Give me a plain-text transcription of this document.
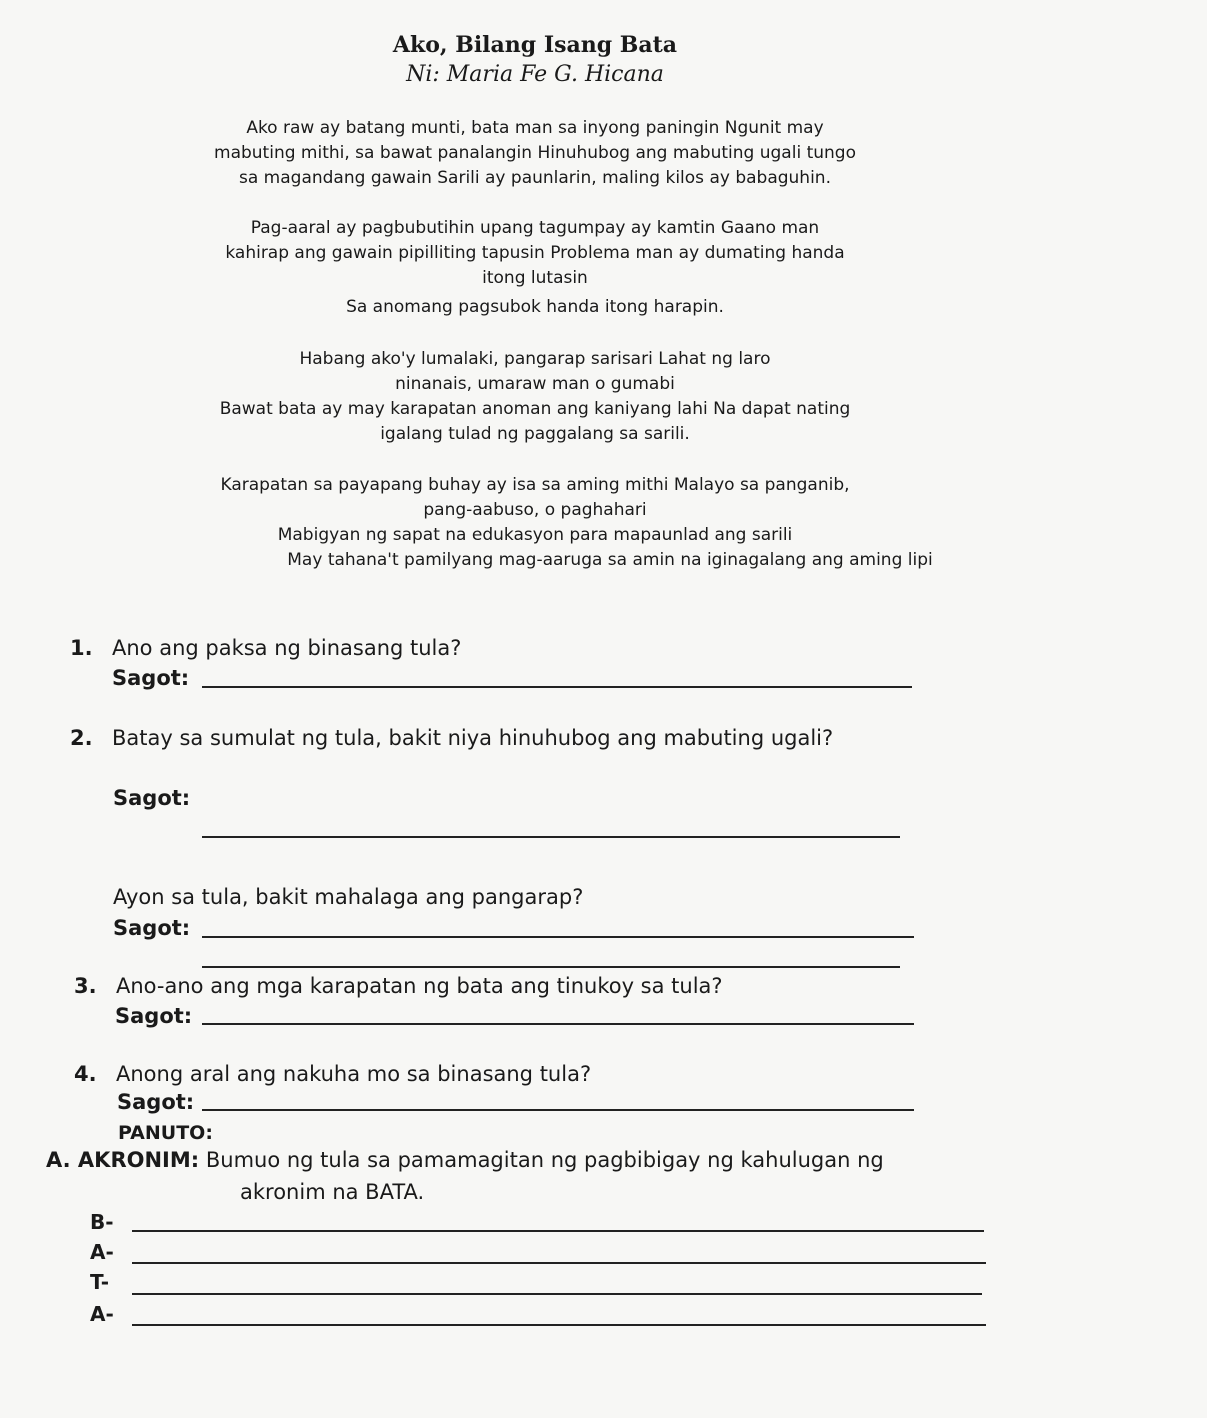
Ako, Bilang Isang Bata
Ni: Maria Fe G. Hicana
Ako raw ay batang munti, bata man sa inyong paningin Ngunit may
mabuting mithi, sa bawat panalangin Hinuhubog ang mabuting ugali tungo
sa magandang gawain Sarili ay paunlarin, maling kilos ay babaguhin.
Pag-aaral ay pagbubutihin upang tagumpay ay kamtin Gaano man
kahirap ang gawain pipilliting tapusin Problema man ay dumating handa
itong lutasin
Sa anomang pagsubok handa itong harapin.
Habang ako'y lumalaki, pangarap sarisari Lahat ng laro
ninanais, umaraw man o gumabi
Bawat bata ay may karapatan anoman ang kaniyang lahi Na dapat nating
igalang tulad ng paggalang sa sarili.
Karapatan sa payapang buhay ay isa sa aming mithi Malayo sa panganib,
pang-aabuso, o paghahari
Mabigyan ng sapat na edukasyon para mapaunlad ang sarili
May tahana't pamilyang mag-aaruga sa amin na iginagalang ang aming lipi
1. Ano ang paksa ng binasang tula?
Sagot:
2. Batay sa sumulat ng tula, bakit niya hinuhubog ang mabuting ugali?
Sagot:
Ayon sa tula, bakit mahalaga ang pangarap?
Sagot:
3. Ano-ano ang mga karapatan ng bata ang tinukoy sa tula?
Sagot:
4. Anong aral ang nakuha mo sa binasang tula?
Sagot:
PANUTO:
A. AKRONIM: Bumuo ng tula sa pamamagitan ng pagbibigay ng kahulugan ng
akronim na BATA.
B-
A-
T-
A-
